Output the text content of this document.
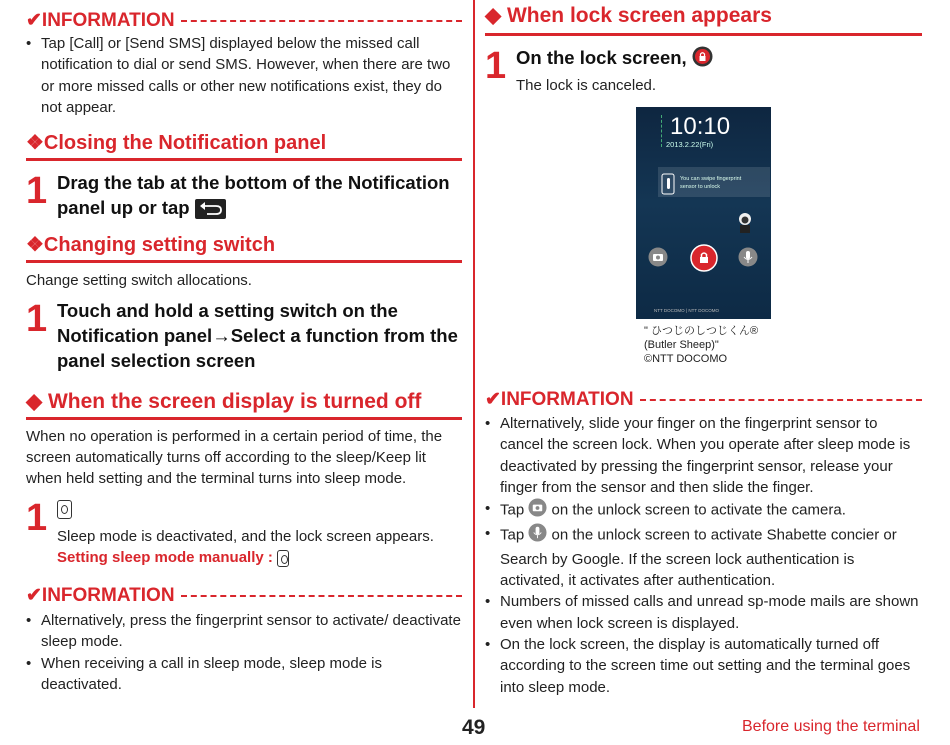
✔INFORMATION
• Tap [Call] or [Send SMS] displayed below the missed call notification to dial or send SMS. However, when there are two or more missed calls or other new notifications exist, they do not appear.
❖Closing the Notification panel
1 Drag the tab at the bottom of the Notification panel up or tap
❖Changing setting switch
Change setting switch allocations.
1 Touch and hold a setting switch on the Notification panel→Select a function from the panel selection screen
◆ When the screen display is turned off
When no operation is performed in a certain period of time, the screen automatically turns off according to the sleep/Keep lit when held setting and the terminal turns into sleep mode.
1 Sleep mode is deactivated, and the lock screen appears.
Setting sleep mode manually :
✔INFORMATION
• Alternatively, press the fingerprint sensor to activate/ deactivate sleep mode.
• When receiving a call in sleep mode, sleep mode is deactivated.
◆ When lock screen appears
1 On the lock screen,
The lock is canceled.
10:10
2013.2.22(Fri)
You can swipe fingerprint sensor to unlock
NTT DOCOMO | NTT DOCOMO
" ひつじのしつじくん®
(Butler Sheep)"
©NTT DOCOMO
✔INFORMATION
• Alternatively, slide your finger on the fingerprint sensor to cancel the screen lock. When you operate after sleep mode is deactivated by pressing the fingerprint sensor, release your finger from the sensor and then slide the finger.
• Tap on the unlock screen to activate the camera.
• Tap on the unlock screen to activate Shabette concier or Search by Google. If the screen lock authentication is activated, it activates after authentication.
• Numbers of missed calls and unread sp-mode mails are shown even when lock screen is displayed.
• On the lock screen, the display is automatically turned off according to the screen time out setting and the terminal goes into sleep mode.
49	Before using the terminal
